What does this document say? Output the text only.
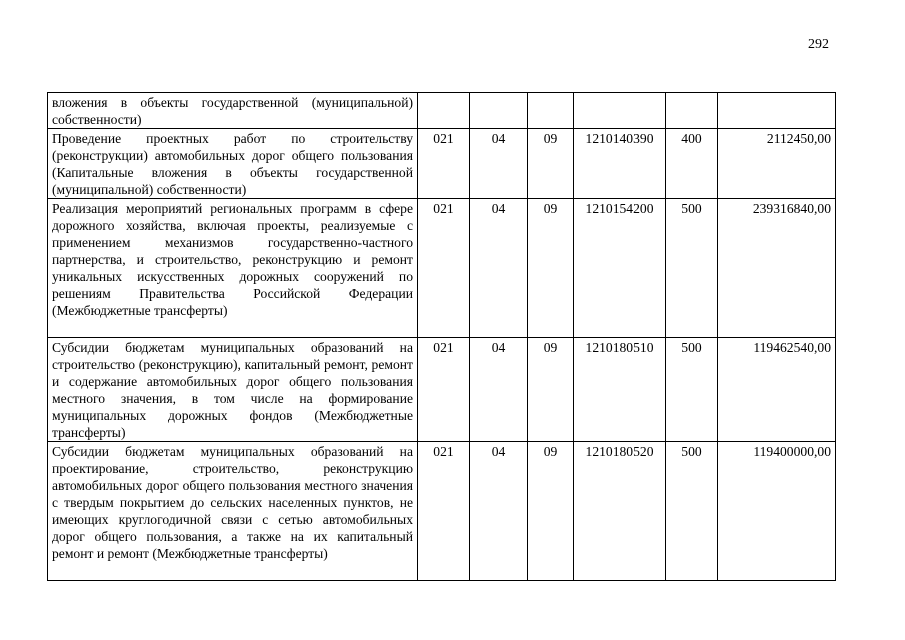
292
вложения в объекты государственной (муниципальной) собственности)						
Проведение проектных работ по строительству (реконструкции) автомобильных дорог общего пользования (Капитальные вложения в объекты государственной (муниципальной) собственности)	021	04	09	1210140390	400	2112450,00
Реализация мероприятий региональных программ в сфере дорожного хозяйства, включая проекты, реализуемые с применением механизмов государственно-частного партнерства, и строительство, реконструкцию и ремонт уникальных искусственных дорожных сооружений по решениям Правительства Российской Федерации (Межбюджетные трансферты)	021	04	09	1210154200	500	239316840,00
Субсидии бюджетам муниципальных образований на строительство (реконструкцию), капитальный ремонт, ремонт и содержание автомобильных дорог общего пользования местного значения, в том числе на формирование муниципальных дорожных фондов (Межбюджетные трансферты)	021	04	09	1210180510	500	119462540,00
Субсидии бюджетам муниципальных образований на проектирование, строительство, реконструкцию автомобильных дорог общего пользования местного значения с твердым покрытием до сельских населенных пунктов, не имеющих круглогодичной связи с сетью автомобильных дорог общего пользования, а также на их капитальный ремонт и ремонт (Межбюджетные трансферты)	021	04	09	1210180520	500	119400000,00
